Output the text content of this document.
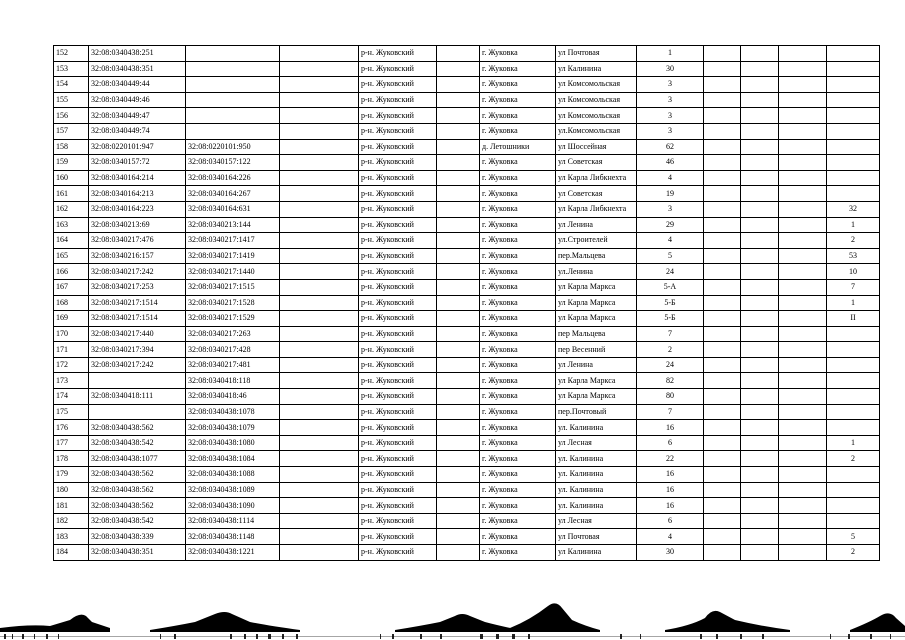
152	32:08:0340438:251			р-н. Жуковский		г. Жуковка	ул Почтовая	1				
153	32:08:0340438:351			р-н. Жуковский		г. Жуковка	ул Калинина	30				
154	32:08:0340449:44			р-н. Жуковский		г. Жуковка	ул Комсомольская	3				
155	32:08:0340449:46			р-н. Жуковский		г. Жуковка	ул Комсомольская	3				
156	32:08:0340449:47			р-н. Жуковский		г. Жуковка	ул Комсомольская	3				
157	32:08:0340449:74			р-н. Жуковский		г. Жуковка	ул.Комсомольская	3				
158	32:08:0220101:947	32:08:0220101:950		р-н. Жуковский		д. Летошники	ул Шоссейная	62				
159	32:08:0340157:72	32:08:0340157:122		р-н. Жуковский		г. Жуковка	ул Советская	46				
160	32:08:0340164:214	32:08:0340164:226		р-н. Жуковский		г. Жуковка	ул Карла Либкнехта	4				
161	32:08:0340164:213	32:08:0340164:267		р-н. Жуковский		г. Жуковка	ул Советская	19				
162	32:08:0340164:223	32:08:0340164:631		р-н. Жуковский		г. Жуковка	ул Карла Либкнехта	3				32
163	32:08:0340213:69	32:08:0340213:144		р-н. Жуковский		г. Жуковка	ул Ленина	29				1
164	32:08:0340217:476	32:08:0340217:1417		р-н. Жуковский		г. Жуковка	ул.Строителей	4				2
165	32:08:0340216:157	32:08:0340217:1419		р-н. Жуковский		г. Жуковка	пер.Мальцева	5				53
166	32:08:0340217:242	32:08:0340217:1440		р-н. Жуковский		г. Жуковка	ул.Ленина	24				10
167	32:08:0340217:253	32:08:0340217:1515		р-н. Жуковский		г. Жуковка	ул Карла Маркса	5-А				7
168	32:08:0340217:1514	32:08:0340217:1528		р-н. Жуковский		г. Жуковка	ул Карла Маркса	5-Б				1
169	32:08:0340217:1514	32:08:0340217:1529		р-н. Жуковский		г. Жуковка	ул Карла Маркса	5-Б				II
170	32:08:0340217:440	32:08:0340217:263		р-н. Жуковский		г. Жуковка	пер Мальцева	7				
171	32:08:0340217:394	32:08:0340217:428		р-н. Жуковский		г. Жуковка	пер Весенний	2				
172	32:08:0340217:242	32:08:0340217:481		р-н. Жуковский		г. Жуковка	ул Ленина	24				
173		32:08:0340418:118		р-н. Жуковский		г. Жуковка	ул Карла Маркса	82				
174	32:08:0340418:111	32:08:0340418:46		р-н. Жуковский		г. Жуковка	ул Карла Маркса	80				
175		32:08:0340438:1078		р-н. Жуковский		г. Жуковка	пер.Почтовый	7				
176	32:08:0340438:562	32:08:0340438:1079		р-н. Жуковский		г. Жуковка	ул. Калинина	16				
177	32:08:0340438:542	32:08:0340438:1080		р-н. Жуковский		г. Жуковка	ул Лесная	6				1
178	32:08:0340438:1077	32:08:0340438:1084		р-н. Жуковский		г. Жуковка	ул. Калинина	22				2
179	32:08:0340438:562	32:08:0340438:1088		р-н. Жуковский		г. Жуковка	ул. Калинина	16				
180	32:08:0340438:562	32:08:0340438:1089		р-н. Жуковский		г. Жуковка	ул. Калинина	16				
181	32:08:0340438:562	32:08:0340438:1090		р-н. Жуковский		г. Жуковка	ул. Калинина	16				
182	32:08:0340438:542	32:08:0340438:1114		р-н. Жуковский		г. Жуковка	ул Лесная	6				
183	32:08:0340438:339	32:08:0340438:1148		р-н. Жуковский		г. Жуковка	ул Почтовая	4				5
184	32:08:0340438:351	32:08:0340438:1221		р-н. Жуковский		г. Жуковка	ул Калинина	30				2
